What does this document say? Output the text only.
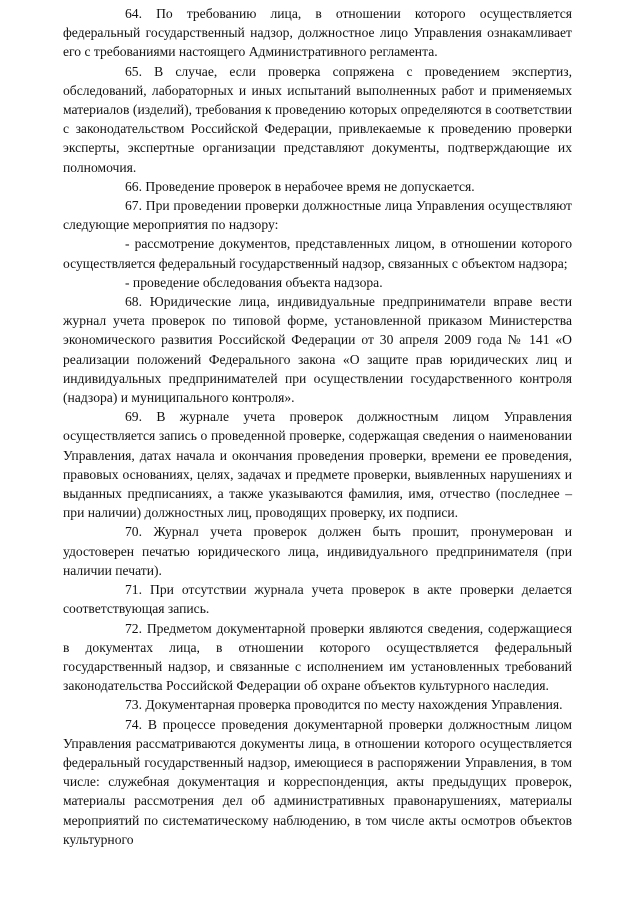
64. По требованию лица, в отношении которого осуществляется федеральный государственный надзор, должностное лицо Управления ознакамливает его с требованиями настоящего Административного регламента.

65. В случае, если проверка сопряжена с проведением экспертиз, обследований, лабораторных и иных испытаний выполненных работ и применяемых материалов (изделий), требования к проведению которых определяются в соответствии с законодательством Российской Федерации, привлекаемые к проведению проверки эксперты, экспертные организации представляют документы, подтверждающие их полномочия.

66. Проведение проверок в нерабочее время не допускается.

67. При проведении проверки должностные лица Управления осуществляют следующие мероприятия по надзору:

- рассмотрение документов, представленных лицом, в отношении которого осуществляется федеральный государственный надзор, связанных с объектом надзора;

- проведение обследования объекта надзора.

68. Юридические лица, индивидуальные предприниматели вправе вести журнал учета проверок по типовой форме, установленной приказом Министерства экономического развития Российской Федерации от 30 апреля 2009 года № 141 «О реализации положений Федерального закона «О защите прав юридических лиц и индивидуальных предпринимателей при осуществлении государственного контроля (надзора) и муниципального контроля».

69. В журнале учета проверок должностным лицом Управления осуществляется запись о проведенной проверке, содержащая сведения о наименовании Управления, датах начала и окончания проведения проверки, времени ее проведения, правовых основаниях, целях, задачах и предмете проверки, выявленных нарушениях и выданных предписаниях, а также указываются фамилия, имя, отчество (последнее – при наличии) должностных лиц, проводящих проверку, их подписи.

70. Журнал учета проверок должен быть прошит, пронумерован и удостоверен печатью юридического лица, индивидуального предпринимателя (при наличии печати).

71. При отсутствии журнала учета проверок в акте проверки делается соответствующая запись.

72. Предметом документарной проверки являются сведения, содержащиеся в документах лица, в отношении которого осуществляется федеральный государственный надзор, и связанные с исполнением им установленных требований законодательства Российской Федерации об охране объектов культурного наследия.

73. Документарная проверка проводится по месту нахождения Управления.

74. В процессе проведения документарной проверки должностным лицом Управления рассматриваются документы лица, в отношении которого осуществляется федеральный государственный надзор, имеющиеся в распоряжении Управления, в том числе: служебная документация и корреспонденция, акты предыдущих проверок, материалы рассмотрения дел об административных правонарушениях, материалы мероприятий по систематическому наблюдению, в том числе акты осмотров объектов культурного
